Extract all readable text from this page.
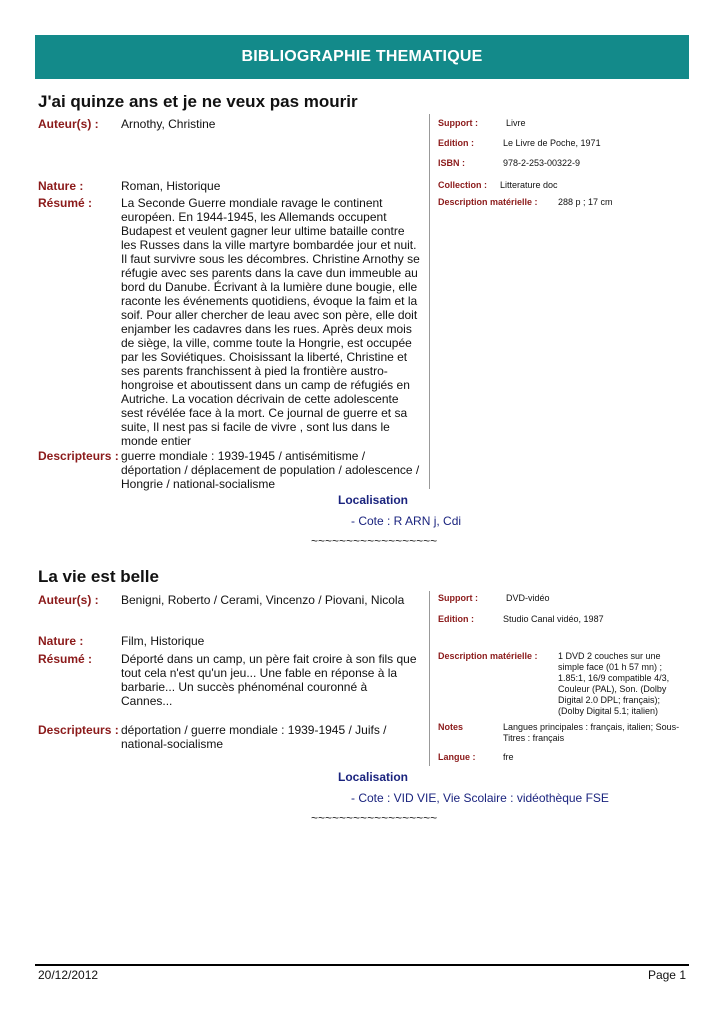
BIBLIOGRAPHIE THEMATIQUE
J'ai quinze ans et je ne veux pas mourir
Auteur(s) : Arnothy, Christine
Nature :	Roman, Historique
Résumé : La Seconde Guerre mondiale ravage le continent européen. En 1944-1945, les Allemands occupent Budapest et veulent gagner leur ultime bataille contre les Russes dans la ville martyre bombardée jour et nuit. Il faut survivre sous les décombres. Christine Arnothy se réfugie avec ses parents dans la cave dun immeuble au bord du Danube. Écrivant à la lumière dune bougie, elle raconte les événements quotidiens, évoque la faim et la soif. Pour aller chercher de leau avec son père, elle doit enjamber les cadavres dans les rues. Après deux mois de siège, la ville, comme toute la Hongrie, est occupée par les Soviétiques. Choisissant la liberté, Christine et ses parents franchissent à pied la frontière austro-hongroise et aboutissent dans un camp de réfugiés en Autriche. La vocation décrivain de cette adolescente sest révélée face à la mort. Ce journal de guerre et sa suite, Il nest pas si facile de vivre , sont lus dans le monde entier
Descripteurs : guerre mondiale : 1939-1945 / antisémitisme / déportation / déplacement de population / adolescence / Hongrie / national-socialisme
Support :	Livre
Edition :	Le Livre de Poche, 1971
ISBN :	978-2-253-00322-9
Collection : Litterature doc
Description matérielle : 288 p ; 17 cm
Localisation
- Cote : R ARN j, Cdi
~~~~~~~~~~~~~~~~~~
La vie est belle
Auteur(s) : Benigni, Roberto / Cerami, Vincenzo / Piovani, Nicola
Nature :	Film, Historique
Résumé : Déporté dans un camp, un père fait croire à son fils que tout cela n'est qu'un jeu... Une fable en réponse à la barbarie... Un succès phénoménal couronné à Cannes...
Descripteurs : déportation / guerre mondiale : 1939-1945 / Juifs / national-socialisme
Support :	DVD-vidéo
Edition :	Studio Canal vidéo, 1987
Description matérielle : 1 DVD 2 couches sur une simple face (01 h 57 mn) ; 1.85:1, 16/9 compatible 4/3, Couleur (PAL), Son. (Dolby Digital 2.0 DPL; français); (Dolby Digital 5.1; italien)
Notes	Langues principales : français, italien; Sous-Titres : français
Langue :	fre
Localisation
- Cote : VID VIE, Vie Scolaire : vidéothèque FSE
~~~~~~~~~~~~~~~~~~
20/12/2012	Page 1
